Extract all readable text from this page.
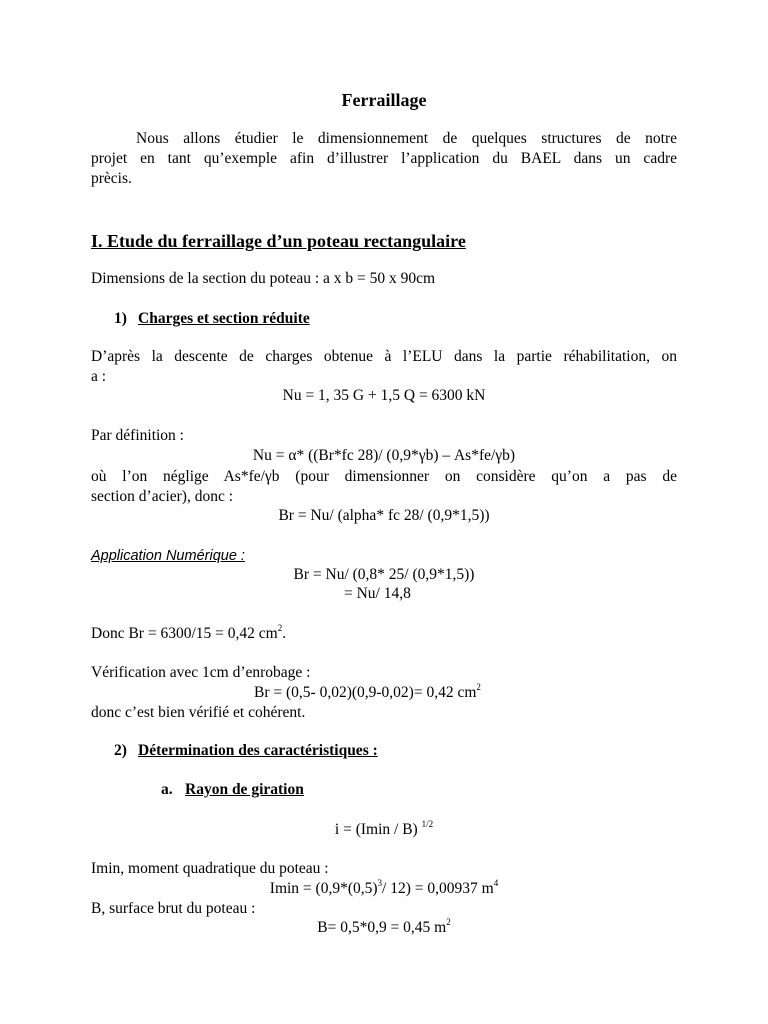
Ferraillage
Nous allons étudier le dimensionnement de quelques structures de notre
projet en tant qu’exemple afin d’illustrer l’application du BAEL dans un cadre
prècis.
I. Etude du ferraillage d’un poteau rectangulaire
Dimensions de la section du poteau : a x b = 50 x 90cm
1) Charges et section réduite
D’après la descente de charges obtenue à l’ELU dans la partie réhabilitation, on
a :
Nu = 1, 35 G + 1,5 Q = 6300 kN
Par définition :
Nu = α* ((Br*fc 28)/ (0,9*γb) – As*fe/γb)
où l’on néglige As*fe/γb (pour dimensionner on considère qu’on a pas de
section d’acier), donc :
Br = Nu/ (alpha* fc 28/ (0,9*1,5))
Application Numérique :
Br = Nu/ (0,8* 25/ (0,9*1,5))
= Nu/ 14,8
Donc Br = 6300/15 = 0,42 $cm^2$.
Vérification avec 1cm d’enrobage :
Br = (0,5- 0,02)(0,9-0,02)= 0,42 $cm^2$
donc c’est bien vérifié et cohérent.
2) Détermination des caractéristiques :
a. Rayon de giration
i = (Imin / B) $^{1/2}$
Imin, moment quadratique du poteau :
$Imin = (0,9*(0,5)^3/$ 12) = 0,00937 $m^4$
B, surface brut du poteau :
B= 0,5*0,9 = 0,45 $m^2$
